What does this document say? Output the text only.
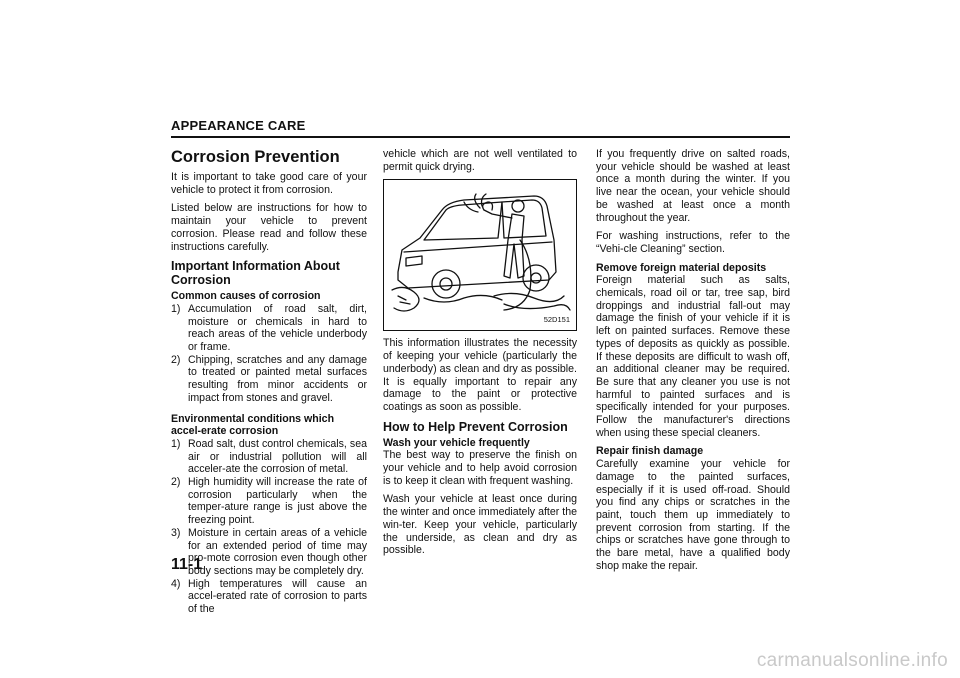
APPEARANCE CARE
Corrosion Prevention

It is important to take good care of your vehicle to protect it from corrosion.

Listed below are instructions for how to maintain your vehicle to prevent corrosion. Please read and follow these instructions carefully.

Important Information About Corrosion
Common causes of corrosion
1) Accumulation of road salt, dirt, moisture or chemicals in hard to reach areas of the vehicle underbody or frame.
2) Chipping, scratches and any damage to treated or painted metal surfaces resulting from minor accidents or impact from stones and gravel.
Environmental conditions which accel-erate corrosion
1) Road salt, dust control chemicals, sea air or industrial pollution will all acceler-ate the corrosion of metal.
2) High humidity will increase the rate of corrosion particularly when the temper-ature range is just above the freezing point.
3) Moisture in certain areas of a vehicle for an extended period of time may pro-mote corrosion even though other body sections may be completely dry.
4) High temperatures will cause an accel-erated rate of corrosion to parts of the

vehicle which are not well ventilated to permit quick drying.

52D151

This information illustrates the necessity of keeping your vehicle (particularly the underbody) as clean and dry as possible. It is equally important to repair any damage to the paint or protective coatings as soon as possible.

How to Help Prevent Corrosion
Wash your vehicle frequently

The best way to preserve the finish on your vehicle and to help avoid corrosion is to keep it clean with frequent washing.

Wash your vehicle at least once during the winter and once immediately after the win-ter. Keep your vehicle, particularly the underside, as clean and dry as possible.

If you frequently drive on salted roads, your vehicle should be washed at least once a month during the winter. If you live near the ocean, your vehicle should be washed at least once a month throughout the year.

For washing instructions, refer to the “Vehi-cle Cleaning” section.

Remove foreign material deposits

Foreign material such as salts, chemicals, road oil or tar, tree sap, bird droppings and industrial fall-out may damage the finish of your vehicle if it is left on painted surfaces. Remove these types of deposits as quickly as possible. If these deposits are difficult to wash off, an additional cleaner may be required. Be sure that any cleaner you use is not harmful to painted surfaces and is specifically intended for your purposes. Follow the manufacturer's directions when using these special cleaners.

Repair finish damage

Carefully examine your vehicle for damage to the painted surfaces, especially if it is used off-road. Should you find any chips or scratches in the paint, touch them up immediately to prevent corrosion from starting. If the chips or scratches have gone through to the bare metal, have a qualified body shop make the repair.

11-1
carmanualsonline.info
